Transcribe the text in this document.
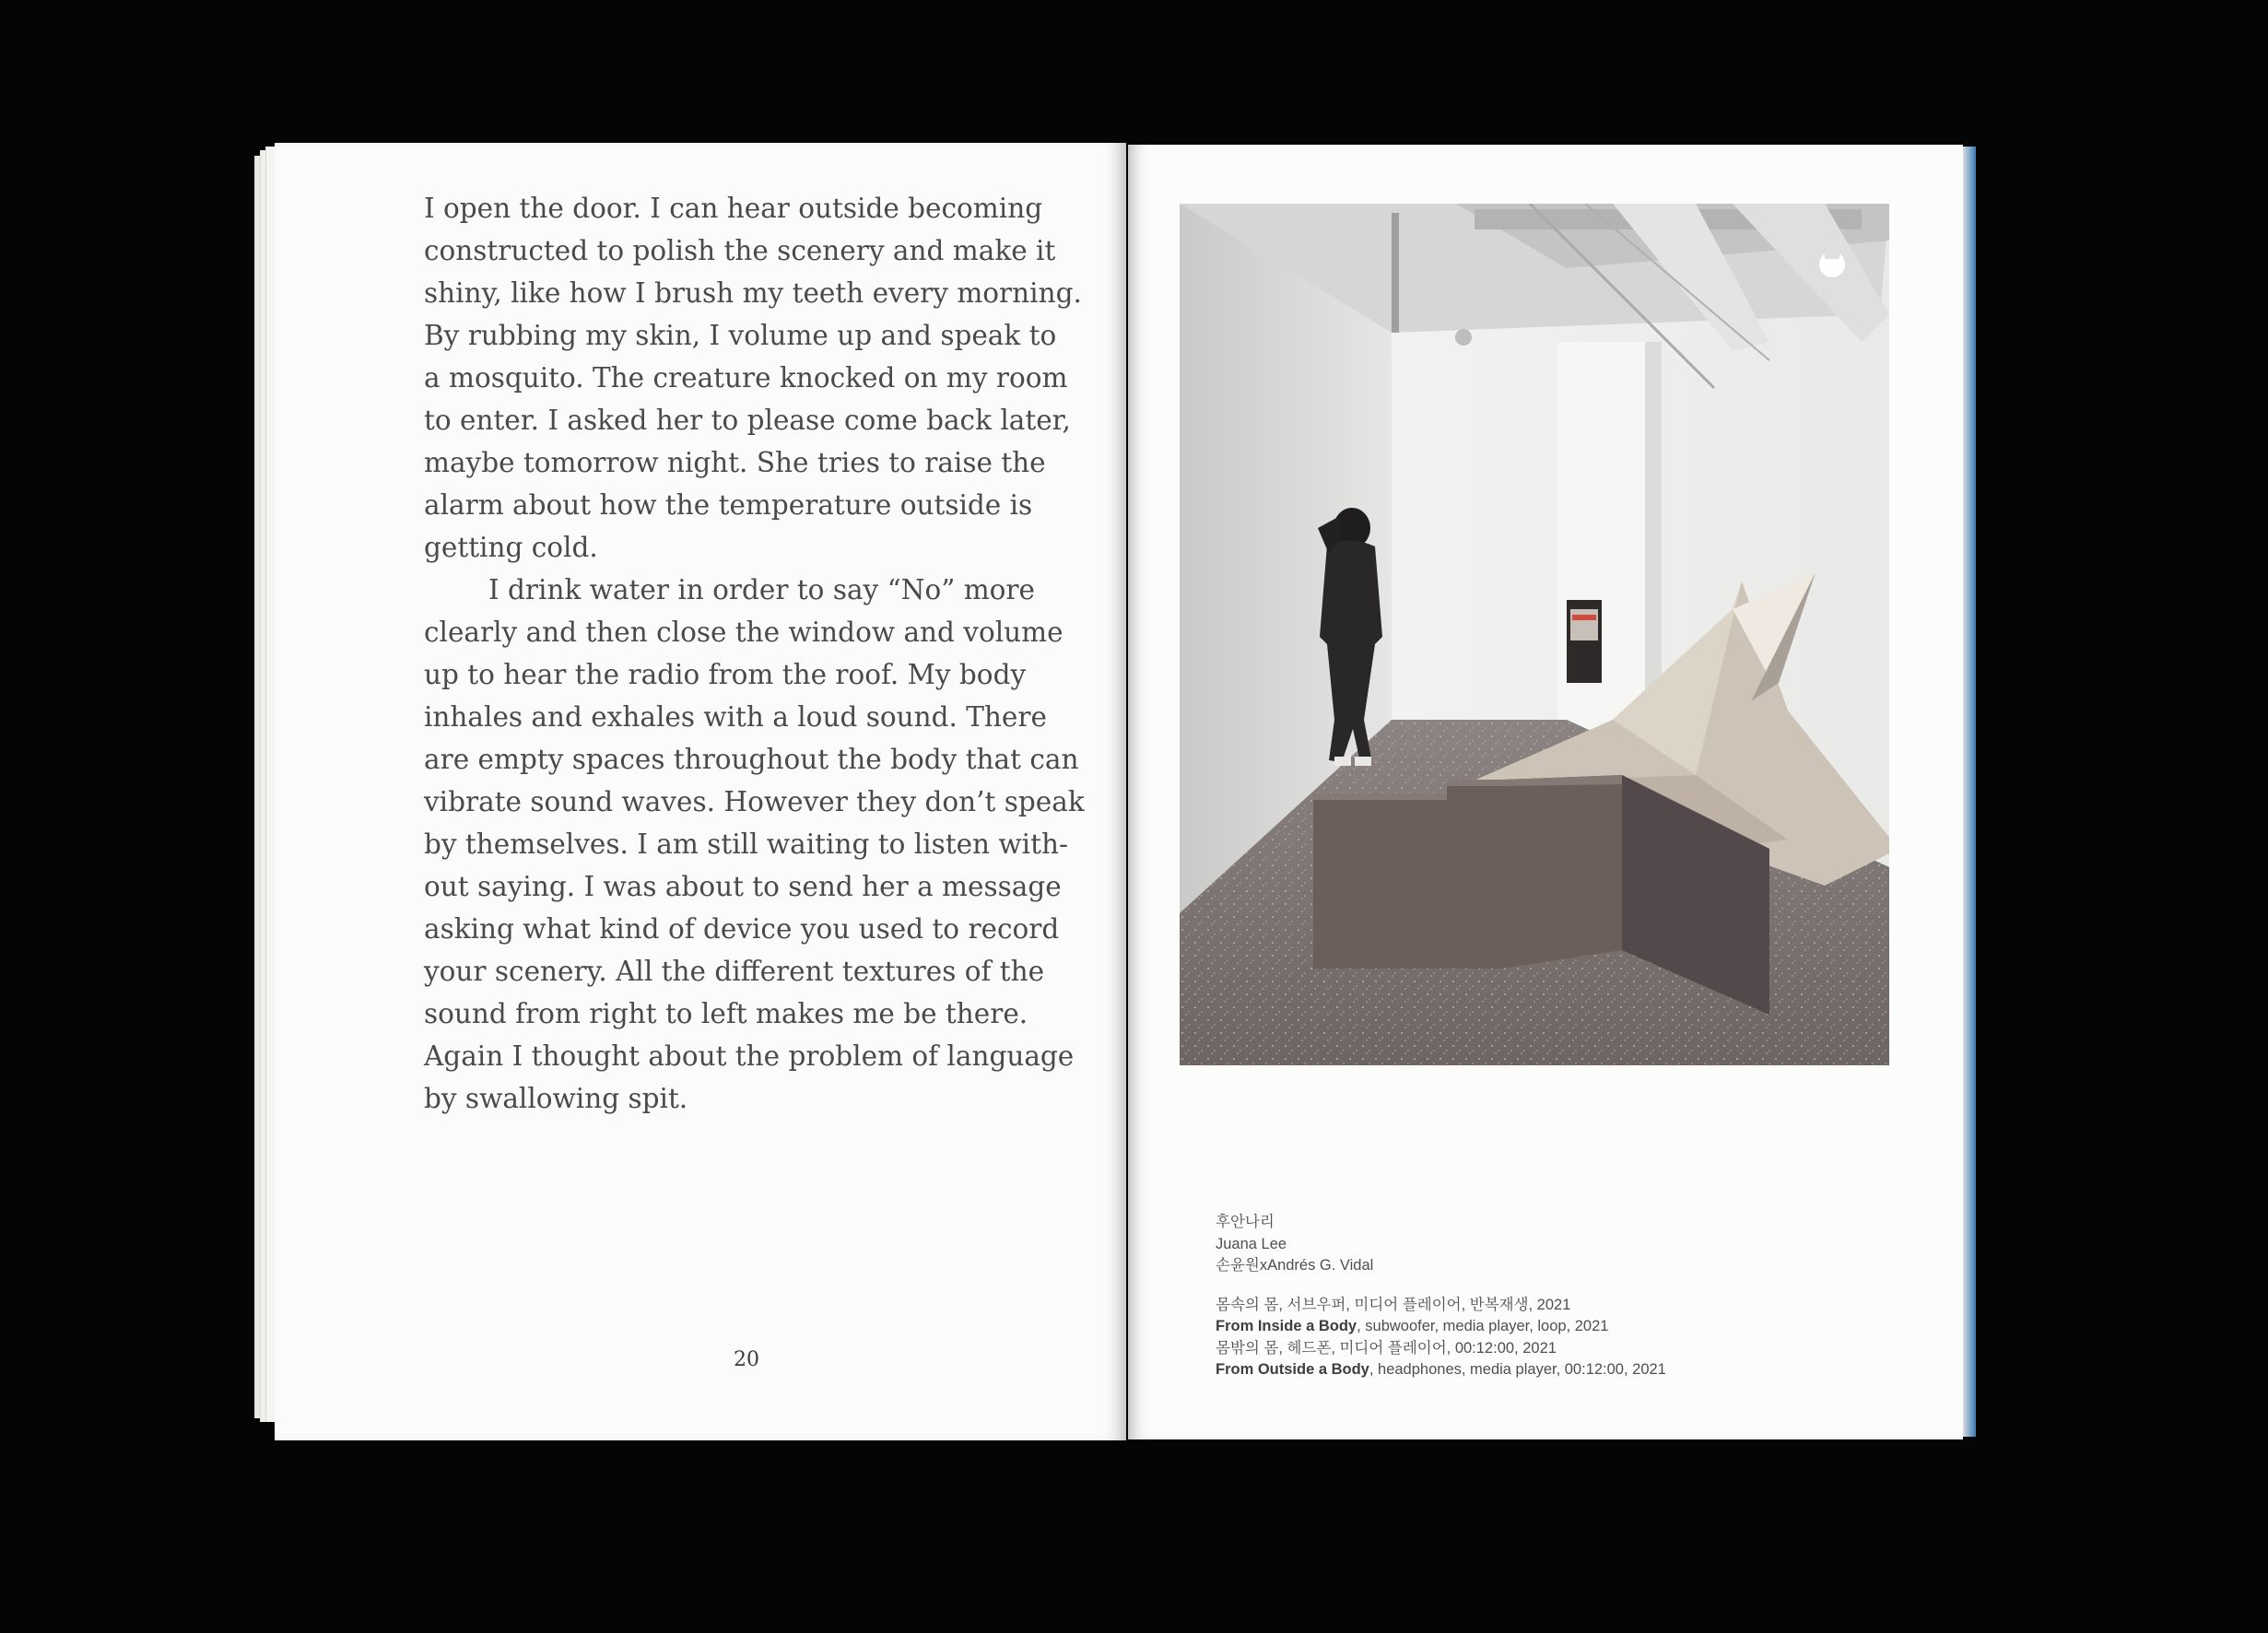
I open the door. I can hear outside becoming
constructed to polish the scenery and make it
shiny, like how I brush my teeth every morning.
By rubbing my skin, I volume up and speak to
a mosquito. The creature knocked on my room
to enter. I asked her to please come back later,
maybe tomorrow night. She tries to raise the
alarm about how the temperature outside is
getting cold.
I drink water in order to say “No” more
clearly and then close the window and volume
up to hear the radio from the roof. My body
inhales and exhales with a loud sound. There
are empty spaces throughout the body that can
vibrate sound waves. However they don’t speak
by themselves. I am still waiting to listen with-
out saying. I was about to send her a message
asking what kind of device you used to record
your scenery. All the different textures of the
sound from right to left makes me be there.
Again I thought about the problem of language
by swallowing spit.

20
후안나리
Juana Lee
손윤원xAndrés G. Vidal
몸속의 몸, 서브우퍼, 미디어 플레이어, 반복재생, 2021
From Inside a Body, subwoofer, media player, loop, 2021
몸밖의 몸, 헤드폰, 미디어 플레이어, 00:12:00, 2021
From Outside a Body, headphones, media player, 00:12:00, 2021
